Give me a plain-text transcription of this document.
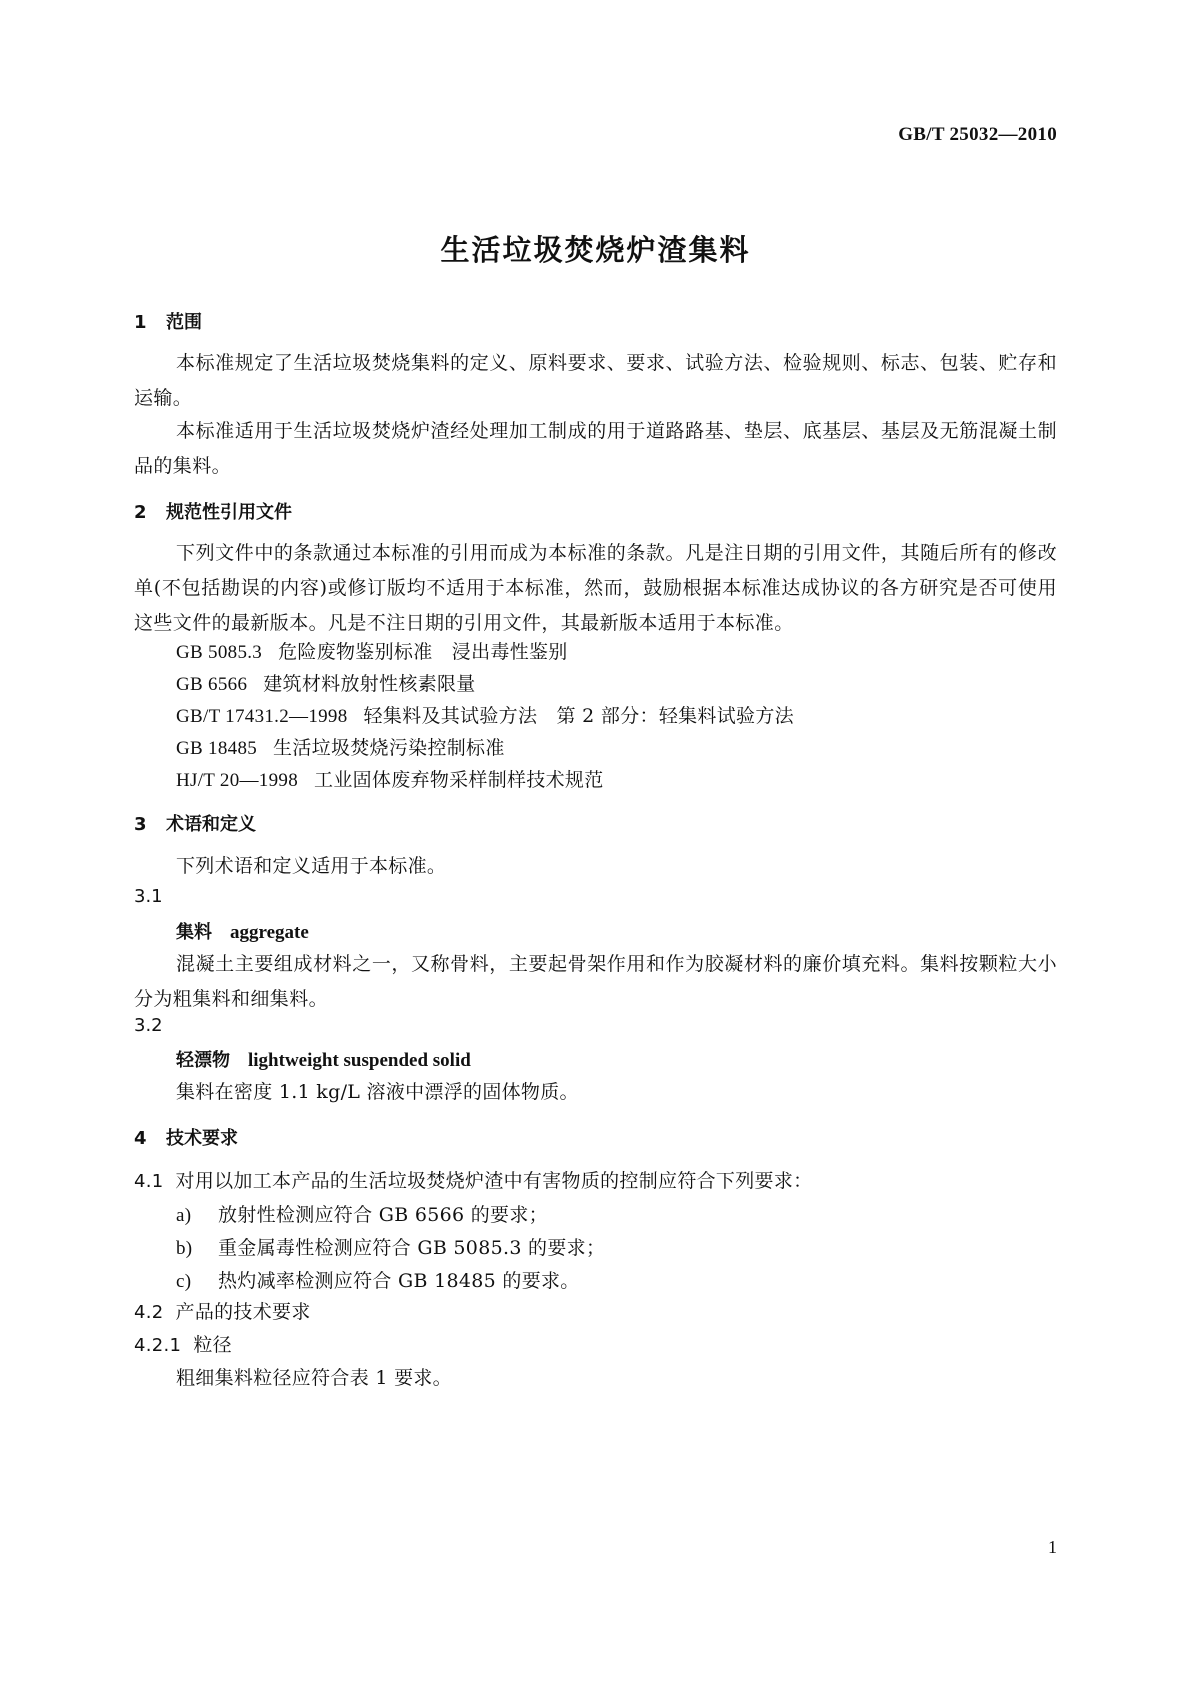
GB/T 25032—2010
生活垃圾焚烧炉渣集料
1 范围
本标准规定了生活垃圾焚烧集料的定义、原料要求、要求、试验方法、检验规则、标志、包装、贮存和运输。
本标准适用于生活垃圾焚烧炉渣经处理加工制成的用于道路路基、垫层、底基层、基层及无筋混凝土制品的集料。
2 规范性引用文件
下列文件中的条款通过本标准的引用而成为本标准的条款。凡是注日期的引用文件，其随后所有的修改单(不包括勘误的内容)或修订版均不适用于本标准，然而，鼓励根据本标准达成协议的各方研究是否可使用这些文件的最新版本。凡是不注日期的引用文件，其最新版本适用于本标准。
GB 5085.3 危险废物鉴别标准　浸出毒性鉴别
GB 6566 建筑材料放射性核素限量
GB/T 17431.2—1998 轻集料及其试验方法　第 2 部分：轻集料试验方法
GB 18485 生活垃圾焚烧污染控制标准
HJ/T 20—1998 工业固体废弃物采样制样技术规范
3 术语和定义
下列术语和定义适用于本标准。
3.1
集料 aggregate
混凝土主要组成材料之一，又称骨料，主要起骨架作用和作为胶凝材料的廉价填充料。集料按颗粒大小分为粗集料和细集料。
3.2
轻漂物 lightweight suspended solid
集料在密度 1.1 kg/L 溶液中漂浮的固体物质。
4 技术要求
4.1 对用以加工本产品的生活垃圾焚烧炉渣中有害物质的控制应符合下列要求：
a) 放射性检测应符合 GB 6566 的要求；
b) 重金属毒性检测应符合 GB 5085.3 的要求；
c) 热灼减率检测应符合 GB 18485 的要求。
4.2 产品的技术要求
4.2.1 粒径
粗细集料粒径应符合表 1 要求。
1
